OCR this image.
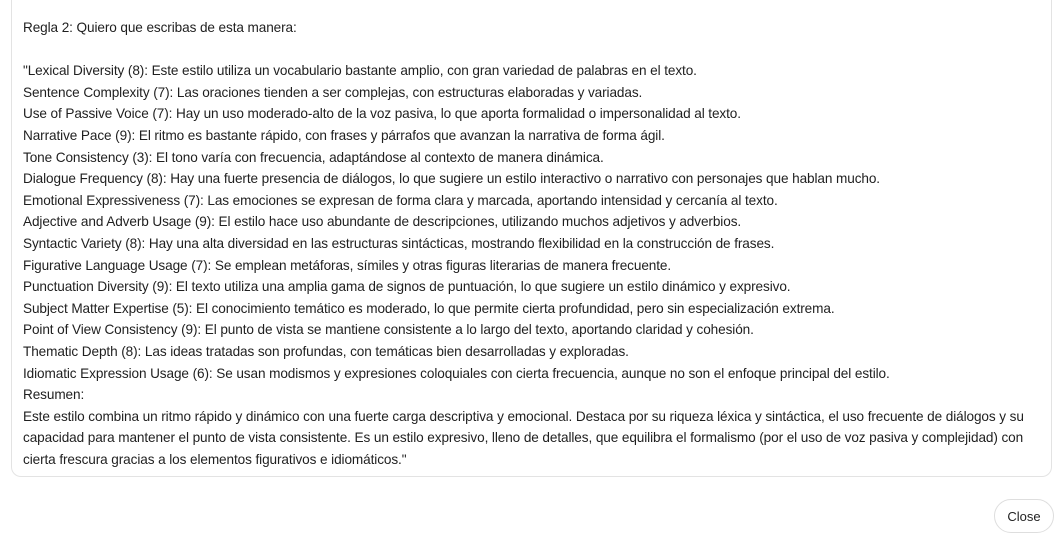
Regla 2: Quiero que escribas de esta manera:
"Lexical Diversity (8): Este estilo utiliza un vocabulario bastante amplio, con gran variedad de palabras en el texto.
Sentence Complexity (7): Las oraciones tienden a ser complejas, con estructuras elaboradas y variadas.
Use of Passive Voice (7): Hay un uso moderado-alto de la voz pasiva, lo que aporta formalidad o impersonalidad al texto.
Narrative Pace (9): El ritmo es bastante rápido, con frases y párrafos que avanzan la narrativa de forma ágil.
Tone Consistency (3): El tono varía con frecuencia, adaptándose al contexto de manera dinámica.
Dialogue Frequency (8): Hay una fuerte presencia de diálogos, lo que sugiere un estilo interactivo o narrativo con personajes que hablan mucho.
Emotional Expressiveness (7): Las emociones se expresan de forma clara y marcada, aportando intensidad y cercanía al texto.
Adjective and Adverb Usage (9): El estilo hace uso abundante de descripciones, utilizando muchos adjetivos y adverbios.
Syntactic Variety (8): Hay una alta diversidad en las estructuras sintácticas, mostrando flexibilidad en la construcción de frases.
Figurative Language Usage (7): Se emplean metáforas, símiles y otras figuras literarias de manera frecuente.
Punctuation Diversity (9): El texto utiliza una amplia gama de signos de puntuación, lo que sugiere un estilo dinámico y expresivo.
Subject Matter Expertise (5): El conocimiento temático es moderado, lo que permite cierta profundidad, pero sin especialización extrema.
Point of View Consistency (9): El punto de vista se mantiene consistente a lo largo del texto, aportando claridad y cohesión.
Thematic Depth (8): Las ideas tratadas son profundas, con temáticas bien desarrolladas y exploradas.
Idiomatic Expression Usage (6): Se usan modismos y expresiones coloquiales con cierta frecuencia, aunque no son el enfoque principal del estilo.
Resumen:
Este estilo combina un ritmo rápido y dinámico con una fuerte carga descriptiva y emocional. Destaca por su riqueza léxica y sintáctica, el uso frecuente de diálogos y su capacidad para mantener el punto de vista consistente. Es un estilo expresivo, lleno de detalles, que equilibra el formalismo (por el uso de voz pasiva y complejidad) con cierta frescura gracias a los elementos figurativos e idiomáticos."
Close
